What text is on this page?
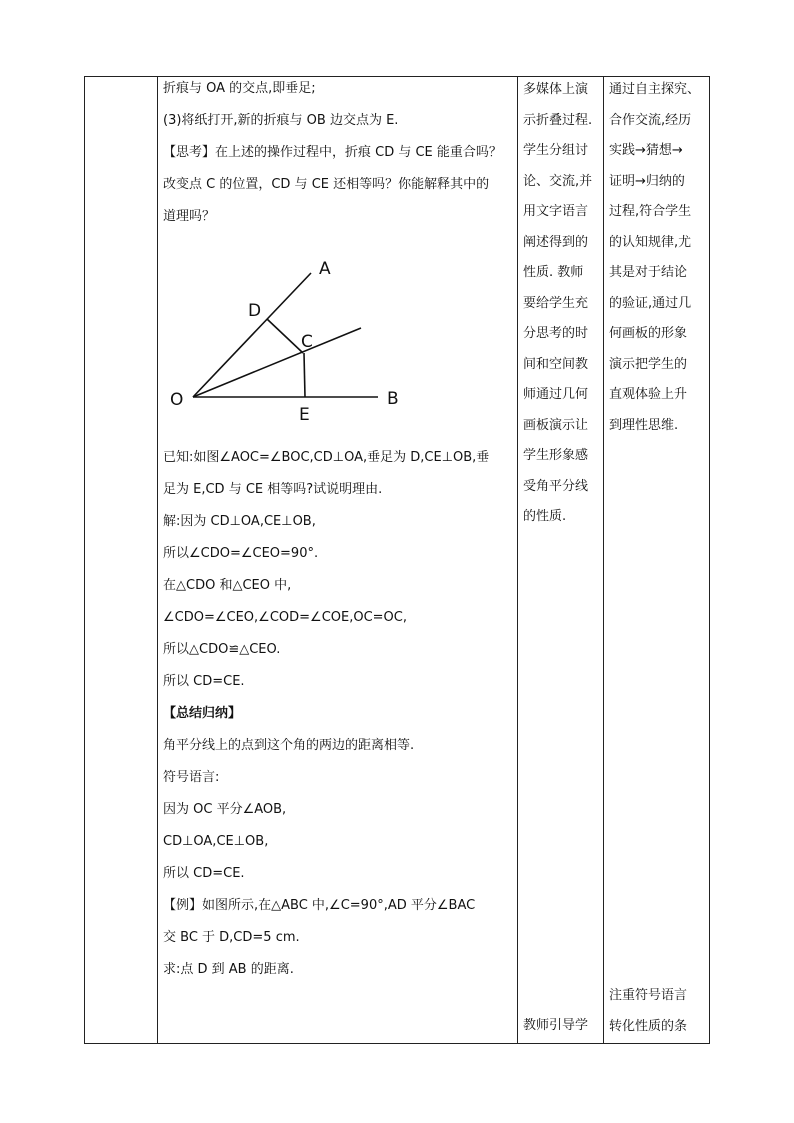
折痕与 OA 的交点,即垂足;
(3)将纸打开,新的折痕与 OB 边交点为 E.
【思考】在上述的操作过程中，折痕 CD 与 CE 能重合吗？
改变点 C 的位置，CD 与 CE 还相等吗？你能解释其中的
道理吗？
已知:如图∠AOC=∠BOC,CD⊥OA,垂足为 D,CE⊥OB,垂
足为 E,CD 与 CE 相等吗?试说明理由.
解:因为 CD⊥OA,CE⊥OB,
所以∠CDO=∠CEO=90°.
在△CDO 和△CEO 中,
∠CDO=∠CEO,∠COD=∠COE,OC=OC,
所以△CDO≌△CEO.
所以 CD=CE.
【总结归纳】
角平分线上的点到这个角的两边的距离相等.
符号语言:
因为 OC 平分∠AOB,
CD⊥OA,CE⊥OB,
所以 CD=CE.
【例】如图所示,在△ABC 中,∠C=90°,AD 平分∠BAC
交 BC 于 D,CD=5 cm.
求:点 D 到 AB 的距离.
A
D
C
O
E
B
多媒体上演
示折叠过程.
学生分组讨
论、交流,并
用文字语言
阐述得到的
性质. 教师
要给学生充
分思考的时
间和空间教
师通过几何
画板演示让
学生形象感
受角平分线
的性质.
教师引导学
通过自主探究、
合作交流,经历
实践→猜想→
证明→归纳的
过程,符合学生
的认知规律,尤
其是对于结论
的验证,通过几
何画板的形象
演示把学生的
直观体验上升
到理性思维.
注重符号语言
转化性质的条
